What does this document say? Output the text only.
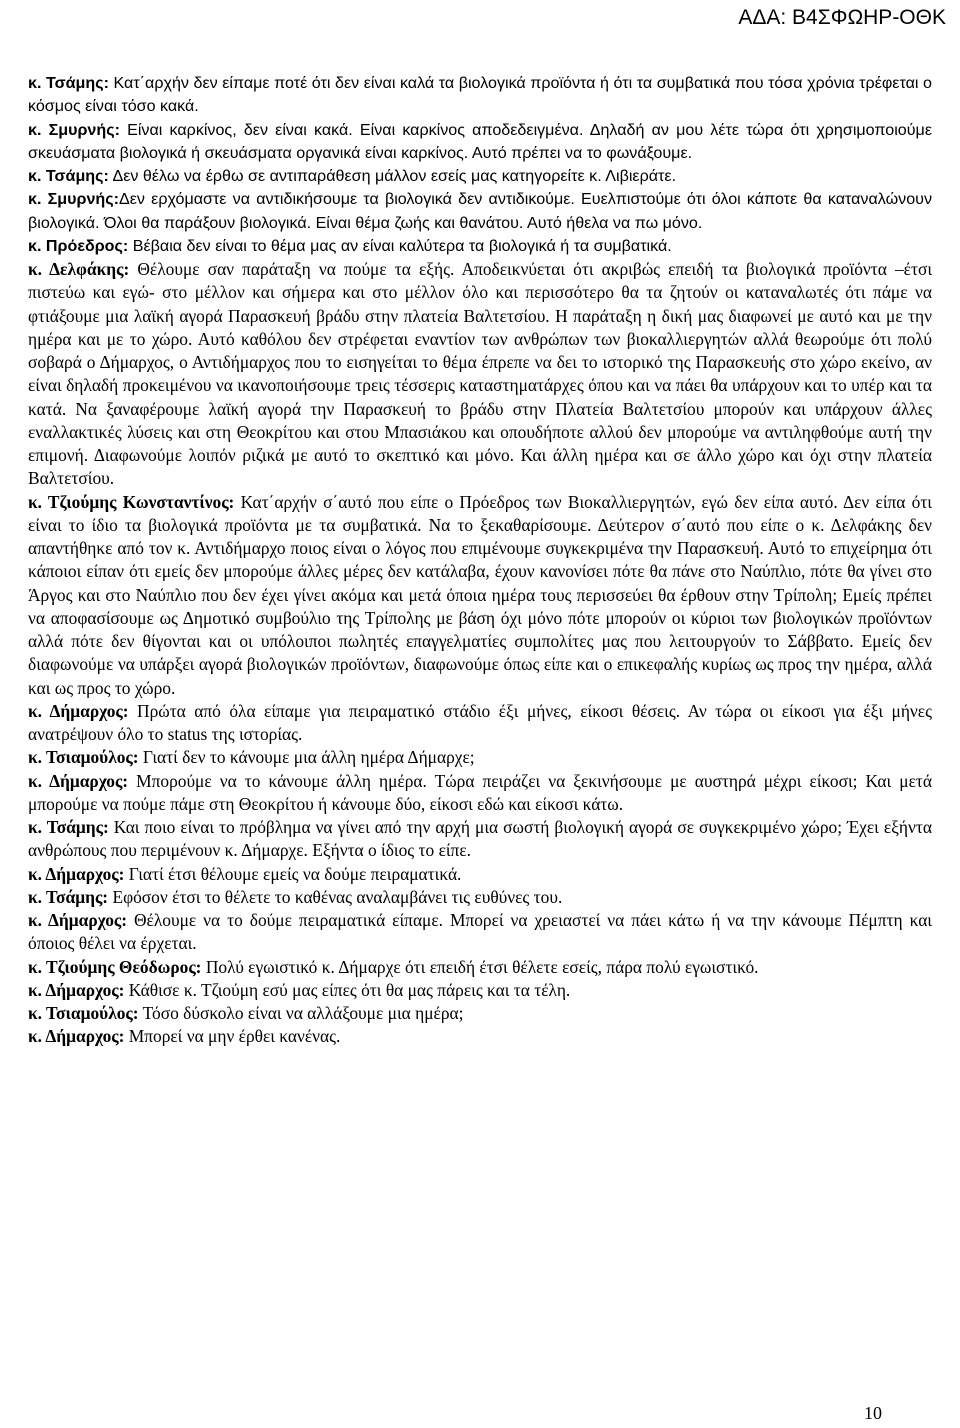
ΑΔΑ: Β4ΣΦΩΗΡ-ΟΘΚ

κ. Τσάμης: Κατ΄αρχήν δεν είπαμε ποτέ ότι δεν είναι καλά τα βιολογικά προϊόντα ή ότι τα συμβατικά που τόσα χρόνια τρέφεται ο κόσμος είναι τόσο κακά.

κ. Σμυρνής: Είναι καρκίνος, δεν είναι κακά. Είναι καρκίνος αποδεδειγμένα. Δηλαδή αν μου λέτε τώρα ότι χρησιμοποιούμε σκευάσματα βιολογικά ή σκευάσματα οργανικά είναι καρκίνος. Αυτό πρέπει να το φωνάξουμε.

κ. Τσάμης: Δεν θέλω να έρθω σε αντιπαράθεση μάλλον εσείς μας κατηγορείτε κ. Λιβιεράτε.

κ. Σμυρνής:Δεν ερχόμαστε να αντιδικήσουμε τα βιολογικά δεν αντιδικούμε. Ευελπιστούμε ότι όλοι κάποτε θα καταναλώνουν βιολογικά. Όλοι θα παράξουν βιολογικά. Είναι θέμα ζωής και θανάτου. Αυτό ήθελα να πω μόνο.

κ. Πρόεδρος: Βέβαια δεν είναι το θέμα μας αν είναι καλύτερα τα βιολογικά ή τα συμβατικά.

κ. Δελφάκης: Θέλουμε σαν παράταξη να πούμε τα εξής. Αποδεικνύεται ότι ακριβώς επειδή τα βιολογικά προϊόντα –έτσι πιστεύω και εγώ- στο μέλλον και σήμερα και στο μέλλον όλο και περισσότερο θα τα ζητούν οι καταναλωτές ότι πάμε να φτιάξουμε μια λαϊκή αγορά Παρασκευή βράδυ στην πλατεία Βαλτετσίου. Η παράταξη η δική μας διαφωνεί με αυτό και με την ημέρα και με το χώρο. Αυτό καθόλου δεν στρέφεται εναντίον των ανθρώπων των βιοκαλλιεργητών αλλά θεωρούμε ότι πολύ σοβαρά ο Δήμαρχος, ο Αντιδήμαρχος που το εισηγείται το θέμα έπρεπε να δει το ιστορικό της Παρασκευής στο χώρο εκείνο, αν είναι δηλαδή προκειμένου να ικανοποιήσουμε τρεις τέσσερις καταστηματάρχες όπου και να πάει θα υπάρχουν και το υπέρ και τα κατά. Να ξαναφέρουμε λαϊκή αγορά την Παρασκευή το βράδυ στην Πλατεία Βαλτετσίου μπορούν και υπάρχουν άλλες εναλλακτικές λύσεις και στη Θεοκρίτου και στου Μπασιάκου και οπουδήποτε αλλού δεν μπορούμε να αντιληφθούμε αυτή την επιμονή. Διαφωνούμε λοιπόν ριζικά με αυτό το σκεπτικό και μόνο. Και άλλη ημέρα και σε άλλο χώρο και όχι στην πλατεία Βαλτετσίου.

κ. Τζιούμης Κωνσταντίνος: Κατ΄αρχήν σ΄αυτό που είπε ο Πρόεδρος των Βιοκαλλιεργητών, εγώ δεν είπα αυτό. Δεν είπα ότι είναι το ίδιο τα βιολογικά προϊόντα με τα συμβατικά. Να το ξεκαθαρίσουμε. Δεύτερον σ΄αυτό που είπε ο κ. Δελφάκης δεν απαντήθηκε από τον κ. Αντιδήμαρχο ποιος είναι ο λόγος που επιμένουμε συγκεκριμένα την Παρασκευή. Αυτό το επιχείρημα ότι κάποιοι είπαν ότι εμείς δεν μπορούμε άλλες μέρες δεν κατάλαβα, έχουν κανονίσει πότε θα πάνε στο Ναύπλιο, πότε θα γίνει στο Άργος και στο Ναύπλιο που δεν έχει γίνει ακόμα και μετά όποια ημέρα τους περισσεύει θα έρθουν στην Τρίπολη; Εμείς πρέπει να αποφασίσουμε ως Δημοτικό συμβούλιο της Τρίπολης με βάση όχι μόνο πότε μπορούν οι κύριοι των βιολογικών προϊόντων αλλά πότε δεν θίγονται και οι υπόλοιποι πωλητές επαγγελματίες συμπολίτες μας που λειτουργούν το Σάββατο. Εμείς δεν διαφωνούμε να υπάρξει αγορά βιολογικών προϊόντων, διαφωνούμε όπως είπε και ο επικεφαλής κυρίως ως προς την ημέρα, αλλά και ως προς το χώρο.

κ. Δήμαρχος: Πρώτα από όλα είπαμε για πειραματικό στάδιο έξι μήνες, είκοσι θέσεις. Αν τώρα οι είκοσι για έξι μήνες ανατρέψουν όλο το status της ιστορίας.

κ. Τσιαμούλος: Γιατί δεν το κάνουμε μια άλλη ημέρα Δήμαρχε;

κ. Δήμαρχος: Μπορούμε να το κάνουμε άλλη ημέρα. Τώρα πειράζει να ξεκινήσουμε με αυστηρά μέχρι είκοσι; Και μετά μπορούμε να πούμε πάμε στη Θεοκρίτου ή κάνουμε δύο, είκοσι εδώ και είκοσι κάτω.

κ. Τσάμης: Και ποιο είναι το πρόβλημα να γίνει από την αρχή μια σωστή βιολογική αγορά σε συγκεκριμένο χώρο; Έχει εξήντα ανθρώπους που περιμένουν κ. Δήμαρχε. Εξήντα ο ίδιος το είπε.

κ. Δήμαρχος: Γιατί έτσι θέλουμε εμείς να δούμε πειραματικά.

κ. Τσάμης: Εφόσον έτσι το θέλετε το καθένας αναλαμβάνει τις ευθύνες του.

κ. Δήμαρχος: Θέλουμε να το δούμε πειραματικά είπαμε. Μπορεί να χρειαστεί να πάει κάτω ή να την κάνουμε Πέμπτη και όποιος θέλει να έρχεται.

κ. Τζιούμης Θεόδωρος: Πολύ εγωιστικό κ. Δήμαρχε ότι επειδή έτσι θέλετε εσείς, πάρα πολύ εγωιστικό.

κ. Δήμαρχος: Κάθισε κ. Τζιούμη εσύ μας είπες ότι θα μας πάρεις και τα τέλη.

κ. Τσιαμούλος: Τόσο δύσκολο είναι να αλλάξουμε μια ημέρα;

κ. Δήμαρχος: Μπορεί να μην έρθει κανένας.

10
